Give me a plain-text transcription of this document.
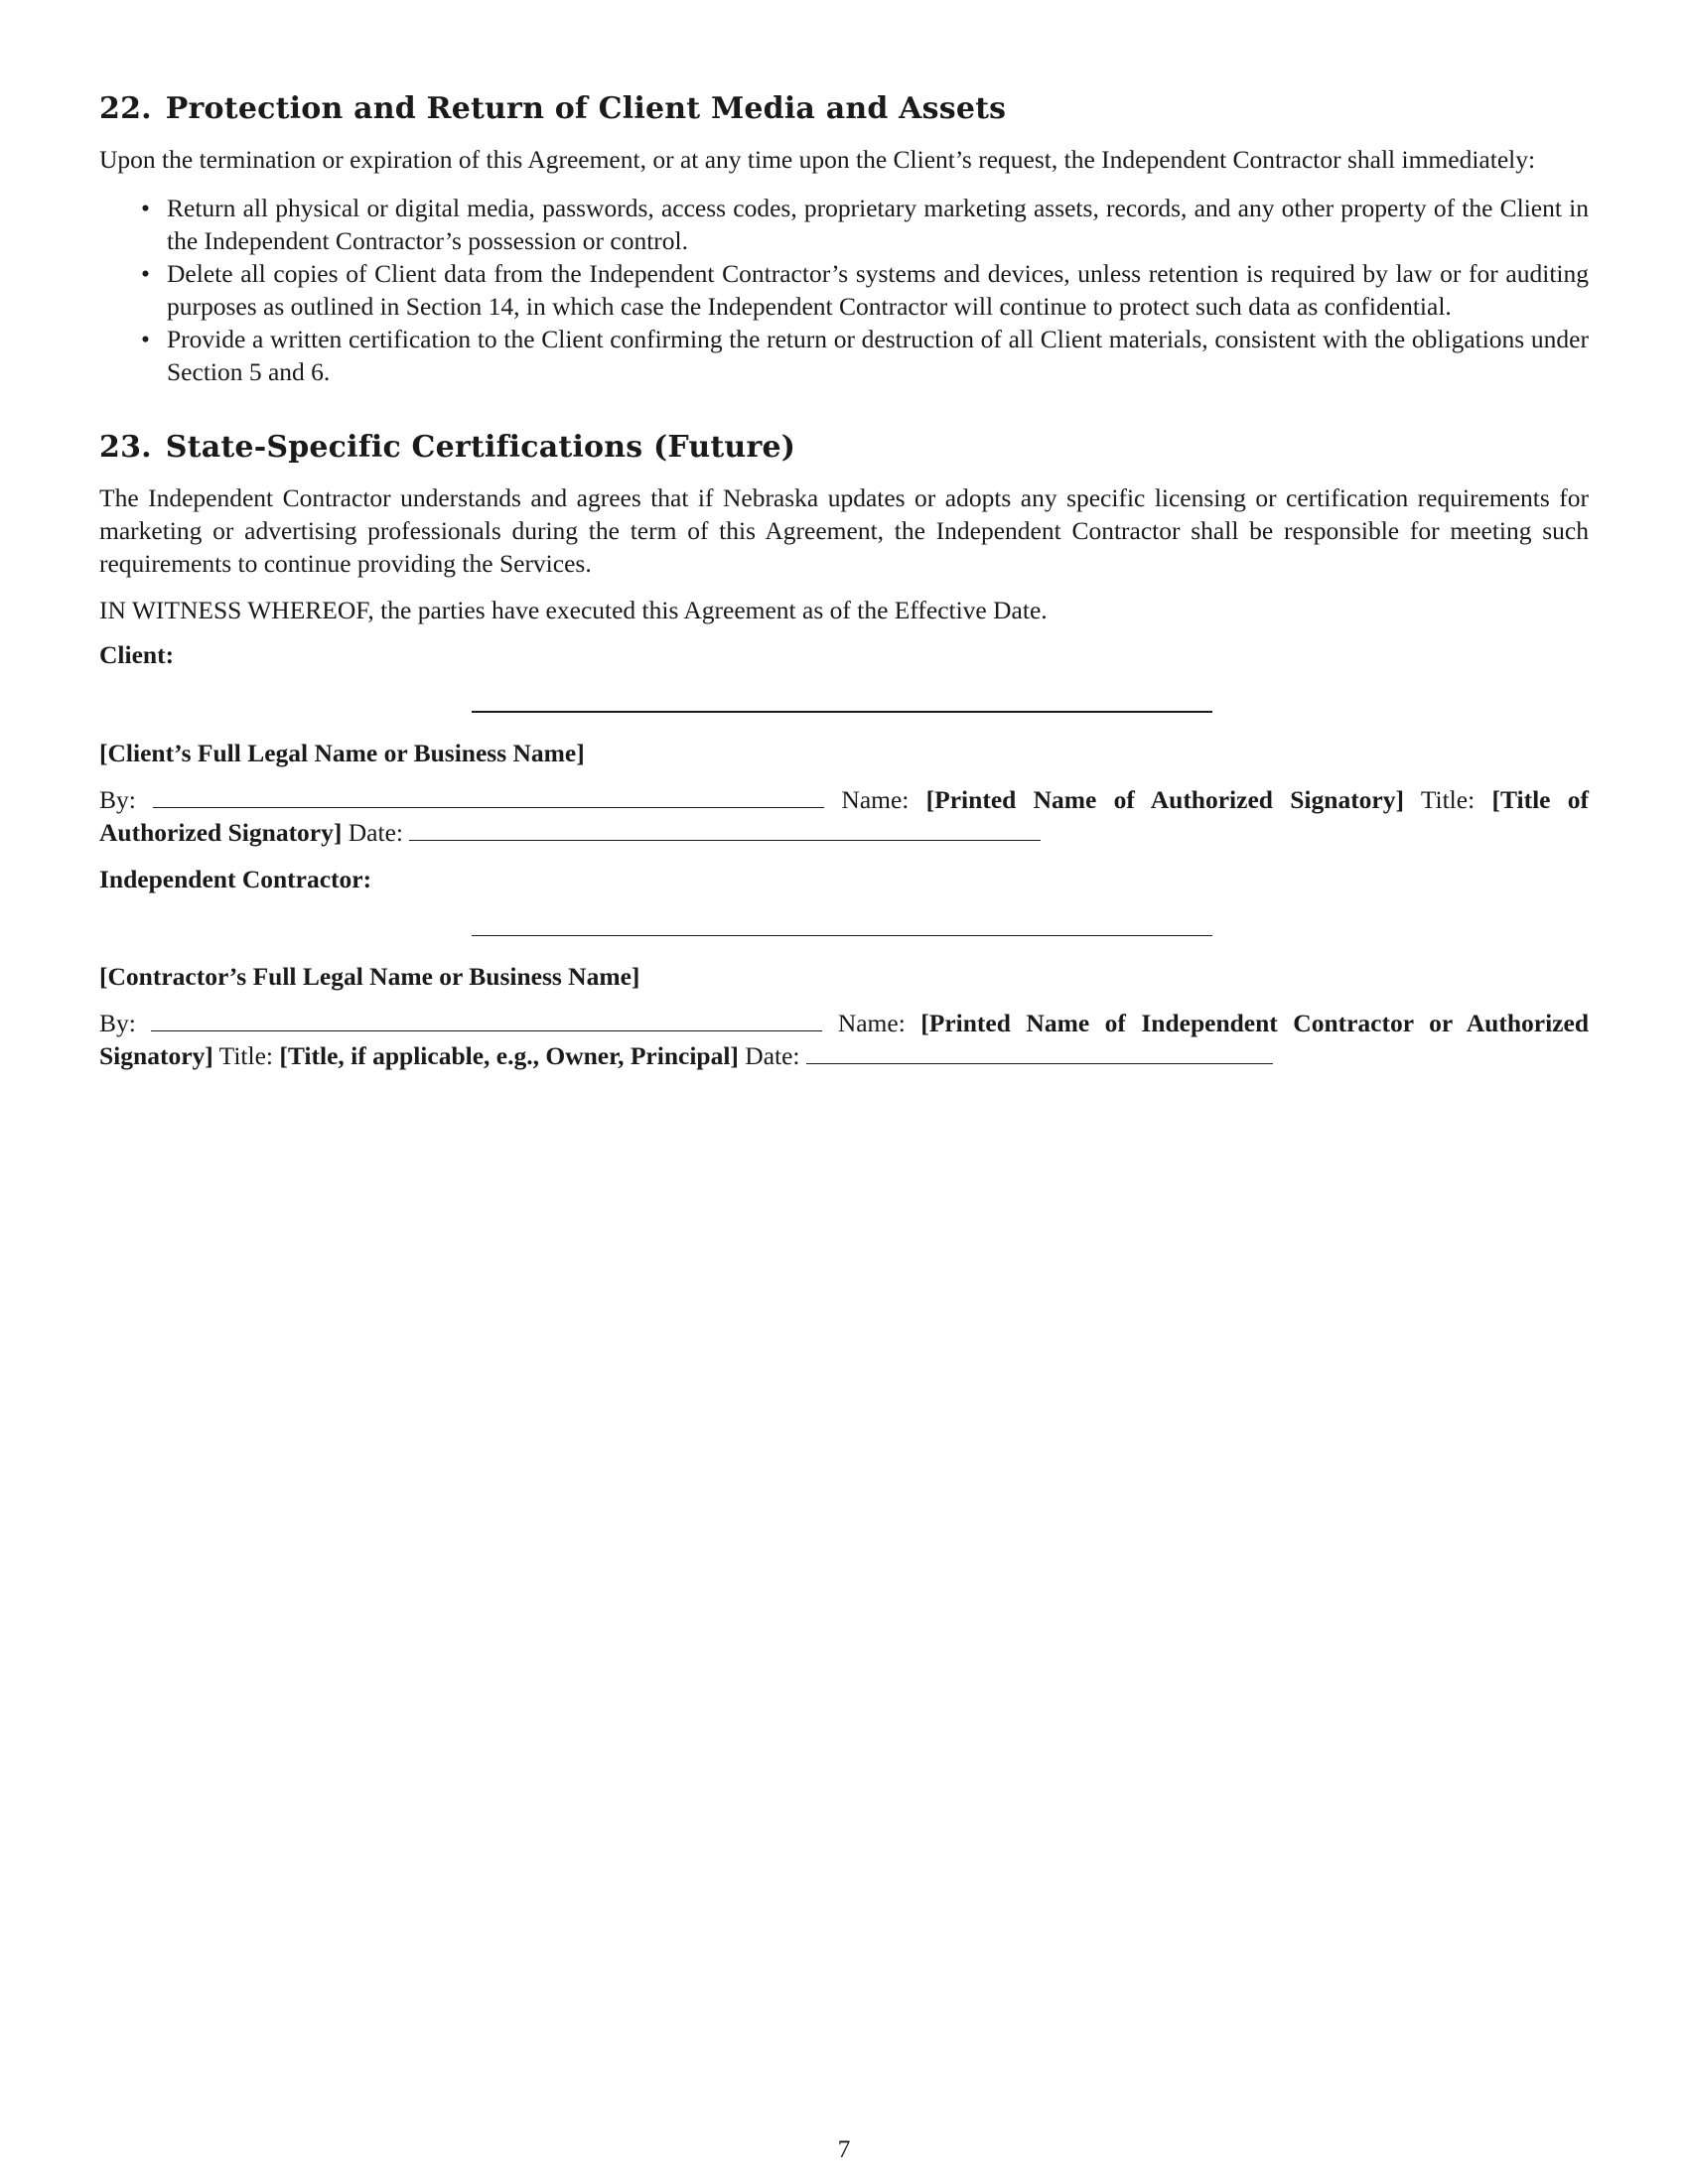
22. Protection and Return of Client Media and Assets

Upon the termination or expiration of this Agreement, or at any time upon the Client’s request, the Independent Contractor shall immediately:

• Return all physical or digital media, passwords, access codes, proprietary marketing assets, records, and any other property of the Client in the Independent Contractor’s possession or control.
• Delete all copies of Client data from the Independent Contractor’s systems and devices, unless retention is required by law or for auditing purposes as outlined in Section 14, in which case the Independent Contractor will continue to protect such data as confidential.
• Provide a written certification to the Client confirming the return or destruction of all Client materials, consistent with the obligations under Section 5 and 6.
23. State-Specific Certifications (Future)

The Independent Contractor understands and agrees that if Nebraska updates or adopts any specific licensing or certification requirements for marketing or advertising professionals during the term of this Agreement, the Independent Contractor shall be responsible for meeting such requirements to continue providing the Services.

IN WITNESS WHEREOF, the parties have executed this Agreement as of the Effective Date.

Client:
[Client’s Full Legal Name or Business Name]
By:	Name: [Printed Name of Authorized Signatory] Title: [Title of Authorized Signatory] Date:
Independent Contractor:
[Contractor’s Full Legal Name or Business Name]
By:	Name: [Printed Name of Independent Contractor or Authorized Signatory] Title: [Title, if applicable, e.g., Owner, Principal] Date:
7
